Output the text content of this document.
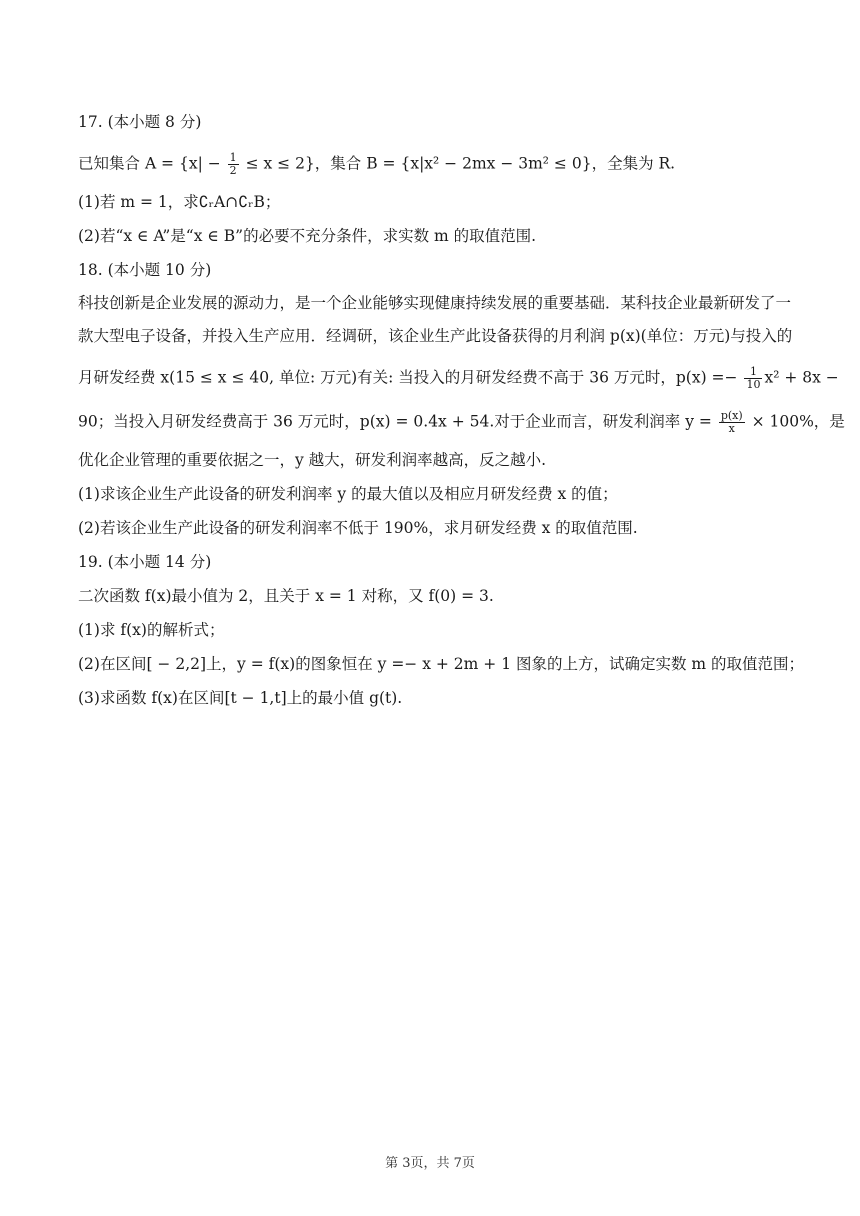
17. (本小题 8 分)
已知集合 $A = \{x| - \frac{1}{2} \le x \le 2\}$，集合 B = {x|x² − 2mx − 3m² ≤ 0}，全集为 R.
(1)若 m = 1，求∁ᵣA∩∁ᵣB；
(2)若“x ∈ A”是“x ∈ B”的必要不充分条件，求实数 m 的取值范围.
18. (本小题 10 分)
科技创新是企业发展的源动力，是一个企业能够实现健康持续发展的重要基础．某科技企业最新研发了一
款大型电子设备，并投入生产应用．经调研，该企业生产此设备获得的月利润 p(x)(单位：万元)与投入的
月研发经费 x(15 ≤ x ≤ 40, 单位: 万元)有关: 当投入的月研发经费不高于 36 万元时，$p(x) =- \frac{1}{10} x^2 + 8x$ −
90；当投入月研发经费高于 36 万元时，p(x) = 0.4x + 54.对于企业而言，研发利润率 $y = \frac{p(x)}{x} \times 100\%$，是
优化企业管理的重要依据之一，y 越大，研发利润率越高，反之越小.
(1)求该企业生产此设备的研发利润率 y 的最大值以及相应月研发经费 x 的值；
(2)若该企业生产此设备的研发利润率不低于 190%，求月研发经费 x 的取值范围.
19. (本小题 14 分)
二次函数 f(x)最小值为 2，且关于 x = 1 对称，又 f(0) = 3.
(1)求 f(x)的解析式；
(2)在区间[ − 2,2]上，y = f(x)的图象恒在 y =− x + 2m + 1 图象的上方，试确定实数 m 的取值范围；
(3)求函数 f(x)在区间[t − 1,t]上的最小值 g(t).
第 3页，共 7页
